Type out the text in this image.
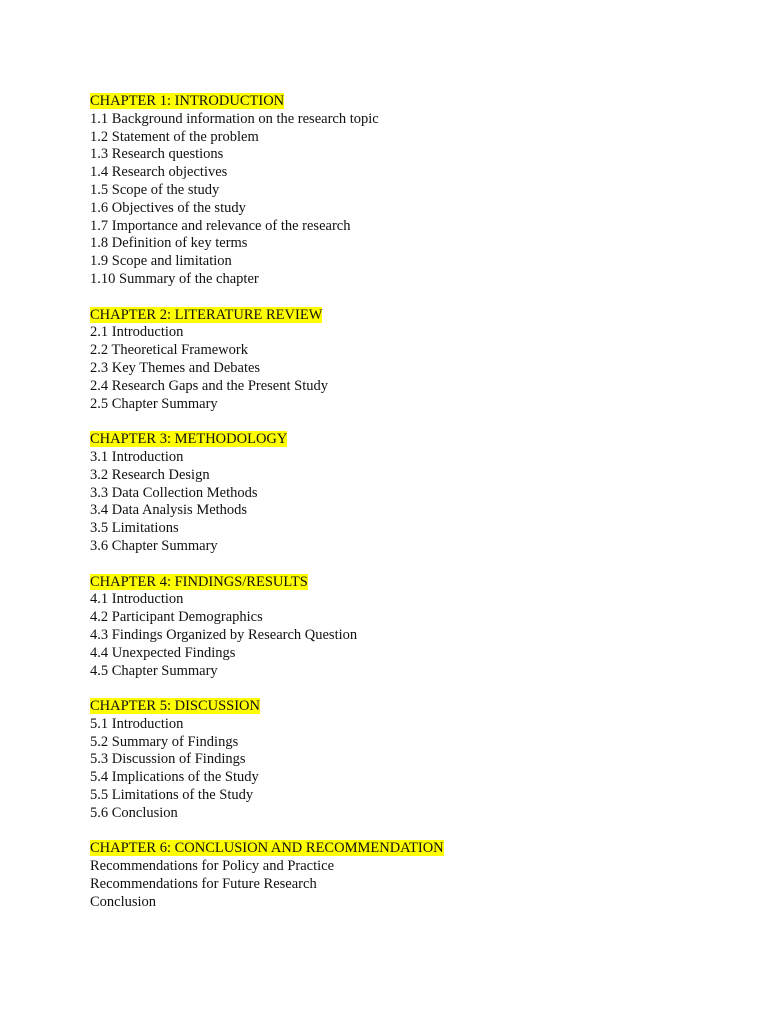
CHAPTER 1: INTRODUCTION
1.1 Background information on the research topic
1.2 Statement of the problem
1.3 Research questions
1.4 Research objectives
1.5 Scope of the study
1.6 Objectives of the study
1.7 Importance and relevance of the research
1.8 Definition of key terms
1.9 Scope and limitation
1.10 Summary of the chapter
CHAPTER 2: LITERATURE REVIEW
2.1 Introduction
2.2 Theoretical Framework
2.3 Key Themes and Debates
2.4 Research Gaps and the Present Study
2.5 Chapter Summary
CHAPTER 3: METHODOLOGY
3.1 Introduction
3.2 Research Design
3.3 Data Collection Methods
3.4 Data Analysis Methods
3.5 Limitations
3.6 Chapter Summary
CHAPTER 4: FINDINGS/RESULTS
4.1 Introduction
4.2 Participant Demographics
4.3 Findings Organized by Research Question
4.4 Unexpected Findings
4.5 Chapter Summary
CHAPTER 5: DISCUSSION
5.1 Introduction
5.2 Summary of Findings
5.3 Discussion of Findings
5.4 Implications of the Study
5.5 Limitations of the Study
5.6 Conclusion
CHAPTER 6: CONCLUSION AND RECOMMENDATION
Recommendations for Policy and Practice
Recommendations for Future Research
Conclusion
